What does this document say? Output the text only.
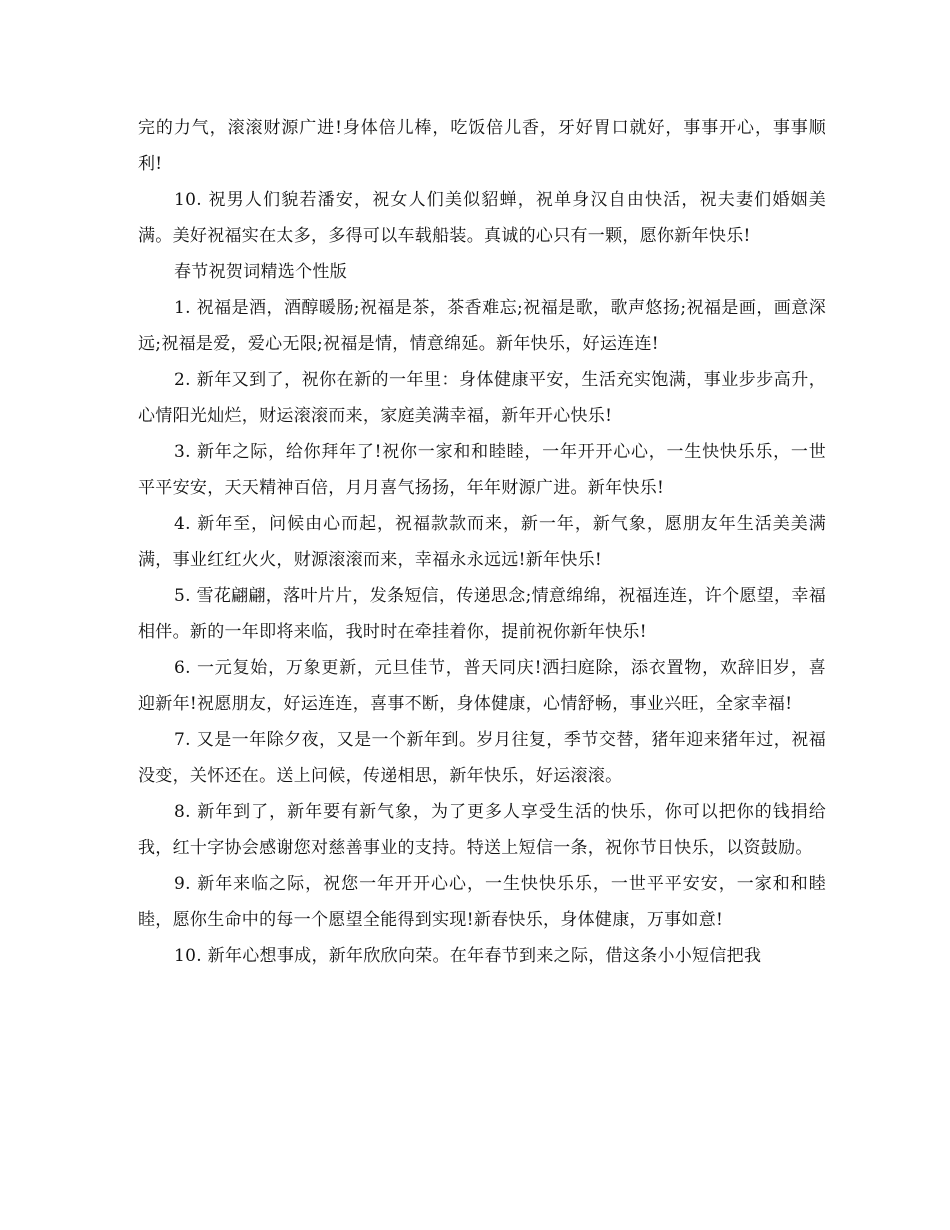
完的力气，滚滚财源广进!身体倍儿棒，吃饭倍儿香，牙好胃口就好，事事开心，事事顺利!

10. 祝男人们貌若潘安，祝女人们美似貂蝉，祝单身汉自由快活，祝夫妻们婚姻美满。美好祝福实在太多，多得可以车载船装。真诚的心只有一颗，愿你新年快乐!

春节祝贺词精选个性版

1. 祝福是酒，酒醇暖肠;祝福是茶，茶香难忘;祝福是歌，歌声悠扬;祝福是画，画意深远;祝福是爱，爱心无限;祝福是情，情意绵延。新年快乐，好运连连!

2. 新年又到了，祝你在新的一年里：身体健康平安，生活充实饱满，事业步步高升，心情阳光灿烂，财运滚滚而来，家庭美满幸福，新年开心快乐!

3. 新年之际，给你拜年了!祝你一家和和睦睦，一年开开心心，一生快快乐乐，一世平平安安，天天精神百倍，月月喜气扬扬，年年财源广进。新年快乐!

4. 新年至，问候由心而起，祝福款款而来，新一年，新气象，愿朋友年生活美美满满，事业红红火火，财源滚滚而来，幸福永永远远!新年快乐!

5. 雪花翩翩，落叶片片，发条短信，传递思念;情意绵绵，祝福连连，许个愿望，幸福相伴。新的一年即将来临，我时时在牵挂着你，提前祝你新年快乐!

6. 一元复始，万象更新，元旦佳节，普天同庆!洒扫庭除，添衣置物，欢辞旧岁，喜迎新年!祝愿朋友，好运连连，喜事不断，身体健康，心情舒畅，事业兴旺，全家幸福!

7. 又是一年除夕夜，又是一个新年到。岁月往复，季节交替，猪年迎来猪年过，祝福没变，关怀还在。送上问候，传递相思，新年快乐，好运滚滚。

8. 新年到了，新年要有新气象，为了更多人享受生活的快乐，你可以把你的钱捐给我，红十字协会感谢您对慈善事业的支持。特送上短信一条，祝你节日快乐，以资鼓励。

9. 新年来临之际，祝您一年开开心心，一生快快乐乐，一世平平安安，一家和和睦睦，愿你生命中的每一个愿望全能得到实现!新春快乐，身体健康，万事如意!

10. 新年心想事成，新年欣欣向荣。在年春节到来之际，借这条小小短信把我
